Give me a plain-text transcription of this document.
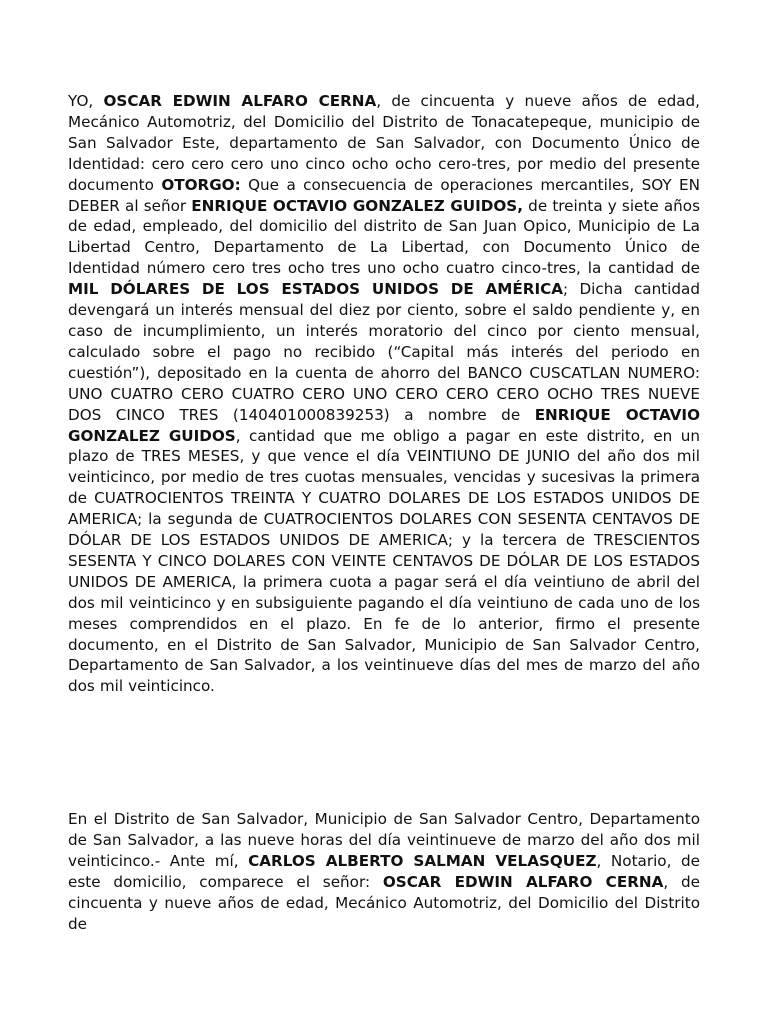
YO, OSCAR EDWIN ALFARO CERNA, de cincuenta y nueve años de edad, Mecánico Automotriz, del Domicilio del Distrito de Tonacatepeque, municipio de San Salvador Este, departamento de San Salvador, con Documento Único de Identidad: cero cero cero uno cinco ocho ocho cero-tres, por medio del presente documento OTORGO: Que a consecuencia de operaciones mercantiles, SOY EN DEBER al señor ENRIQUE OCTAVIO GONZALEZ GUIDOS, de treinta y siete años de edad, empleado, del domicilio del distrito de San Juan Opico, Municipio de La Libertad Centro, Departamento de La Libertad, con Documento Único de Identidad número cero tres ocho tres uno ocho cuatro cinco-tres, la cantidad de MIL DÓLARES DE LOS ESTADOS UNIDOS DE AMÉRICA; Dicha cantidad devengará un interés mensual del diez por ciento, sobre el saldo pendiente y, en caso de incumplimiento, un interés moratorio del cinco por ciento mensual, calculado sobre el pago no recibido (“Capital más interés del periodo en cuestión”), depositado en la cuenta de ahorro del BANCO CUSCATLAN NUMERO: UNO CUATRO CERO CUATRO CERO UNO CERO CERO CERO OCHO TRES NUEVE DOS CINCO TRES (140401000839253) a nombre de ENRIQUE OCTAVIO GONZALEZ GUIDOS, cantidad que me obligo a pagar en este distrito, en un plazo de TRES MESES, y que vence el día VEINTIUNO DE JUNIO del año dos mil veinticinco, por medio de tres cuotas mensuales, vencidas y sucesivas la primera de CUATROCIENTOS TREINTA Y CUATRO DOLARES DE LOS ESTADOS UNIDOS DE AMERICA; la segunda de CUATROCIENTOS DOLARES CON SESENTA CENTAVOS DE DÓLAR DE LOS ESTADOS UNIDOS DE AMERICA; y la tercera de TRESCIENTOS SESENTA Y CINCO DOLARES CON VEINTE CENTAVOS DE DÓLAR DE LOS ESTADOS UNIDOS DE AMERICA, la primera cuota a pagar será el día veintiuno de abril del dos mil veinticinco y en subsiguiente pagando el día veintiuno de cada uno de los meses comprendidos en el plazo. En fe de lo anterior, firmo el presente documento, en el Distrito de San Salvador, Municipio de San Salvador Centro, Departamento de San Salvador, a los veintinueve días del mes de marzo del año dos mil veinticinco.

En el Distrito de San Salvador, Municipio de San Salvador Centro, Departamento de San Salvador, a las nueve horas del día veintinueve de marzo del año dos mil veinticinco.- Ante mí, CARLOS ALBERTO SALMAN VELASQUEZ, Notario, de este domicilio, comparece el señor: OSCAR EDWIN ALFARO CERNA, de cincuenta y nueve años de edad, Mecánico Automotriz, del Domicilio del Distrito de
